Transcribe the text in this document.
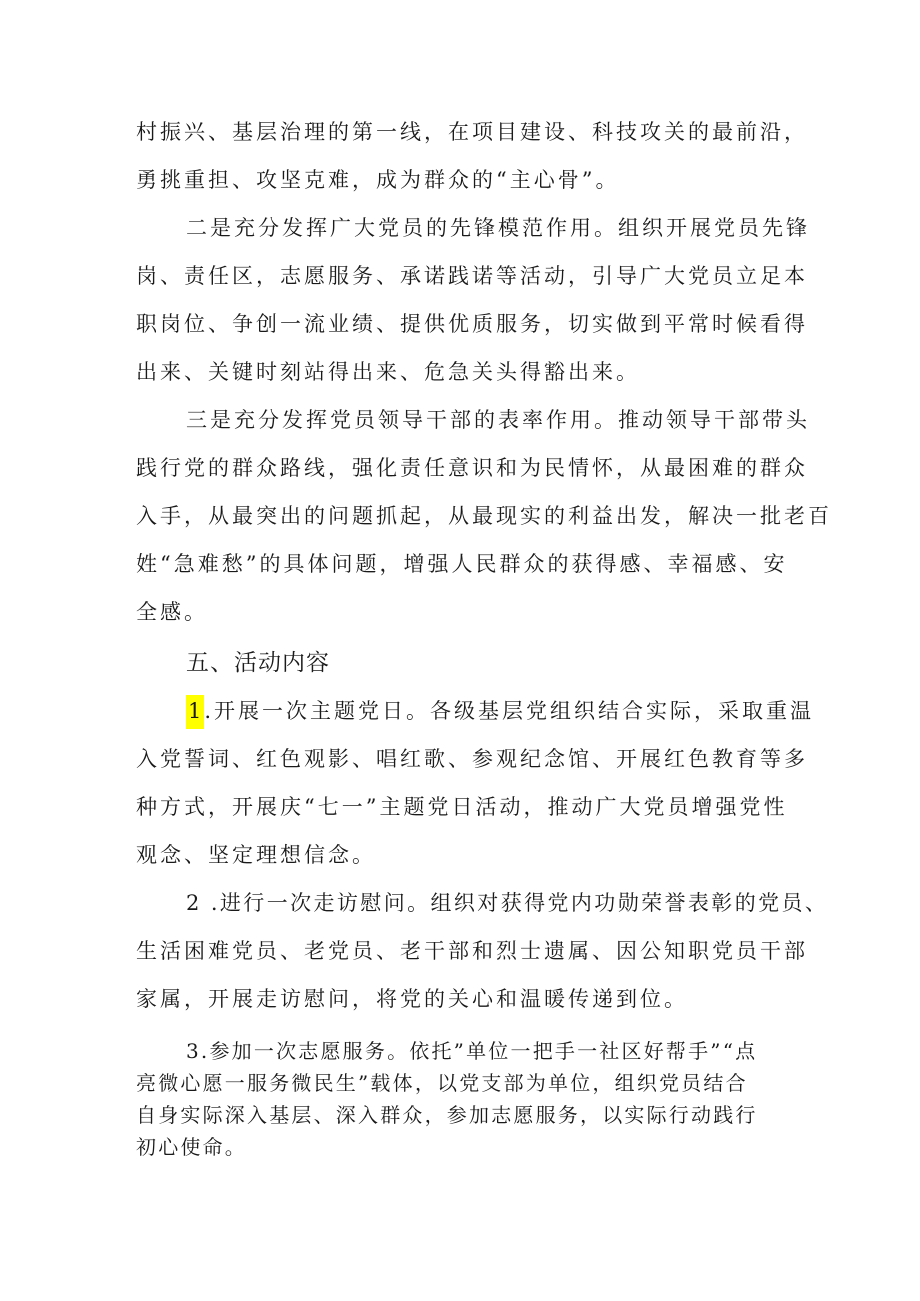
村振兴、基层治理的第一线，在项目建设、科技攻关的最前沿，
勇挑重担、攻坚克难，成为群众的“主心骨”。
二是充分发挥广大党员的先锋模范作用。组织开展党员先锋
岗、责任区，志愿服务、承诺践诺等活动，引导广大党员立足本
职岗位、争创一流业绩、提供优质服务，切实做到平常时候看得
出来、关键时刻站得出来、危急关头得豁出来。
三是充分发挥党员领导干部的表率作用。推动领导干部带头
践行党的群众路线，强化责任意识和为民情怀，从最困难的群众
入手，从最突出的问题抓起，从最现实的利益出发，解决一批老百
姓“急难愁”的具体问题，增强人民群众的获得感、幸福感、安
全感。
五、活动内容
1.开展一次主题党日。各级基层党组织结合实际，采取重温
入党誓词、红色观影、唱红歌、参观纪念馆、开展红色教育等多
种方式，开展庆“七一”主题党日活动，推动广大党员增强党性
观念、坚定理想信念。
2 .进行一次走访慰问。组织对获得党内功勋荣誉表彰的党员、
生活困难党员、老党员、老干部和烈士遗属、因公知职党员干部
家属，开展走访慰问，将党的关心和温暖传递到位。
3.参加一次志愿服务。依托”单位一把手一社区好帮手”“点
亮微心愿一服务微民生”载体，以党支部为单位，组织党员结合
自身实际深入基层、深入群众，参加志愿服务，以实际行动践行
初心使命。
